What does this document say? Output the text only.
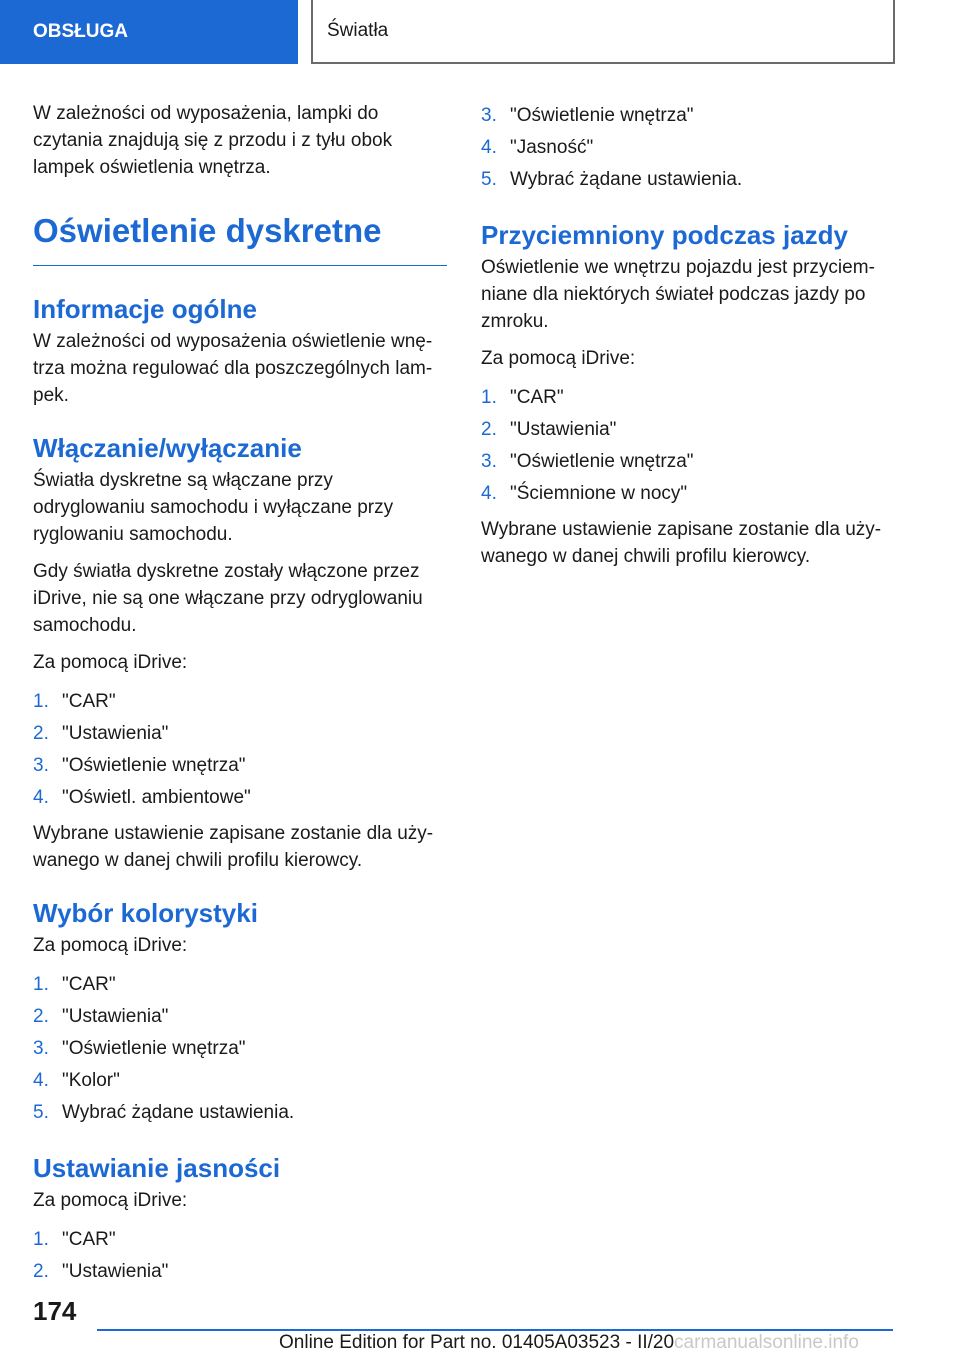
OBSŁUGA	Światła

W zależności od wyposażenia, lampki do czytania znajdują się z przodu i z tyłu obok lampek oświetlenia wnętrza.

Oświetlenie dyskretne
Informacje ogólne

W zależności od wyposażenia oświetlenie wnętrza można regulować dla poszczególnych lampek.

Włączanie/wyłączanie

Światła dyskretne są włączane przy odryglowaniu samochodu i wyłączane przy ryglowaniu samochodu.

Gdy światła dyskretne zostały włączone przez iDrive, nie są one włączane przy odryglowaniu samochodu.

Za pomocą iDrive:

1. "CAR"
2. "Ustawienia"
3. "Oświetlenie wnętrza"
4. "Oświetl. ambientowe"

Wybrane ustawienie zapisane zostanie dla używanego w danej chwili profilu kierowcy.

Wybór kolorystyki

Za pomocą iDrive:

1. "CAR"
2. "Ustawienia"
3. "Oświetlenie wnętrza"
4. "Kolor"
5. Wybrać żądane ustawienia.
Ustawianie jasności

Za pomocą iDrive:

1. "CAR"
2. "Ustawienia"
3. "Oświetlenie wnętrza"
4. "Jasność"
5. Wybrać żądane ustawienia.
Przyciemniony podczas jazdy

Oświetlenie we wnętrzu pojazdu jest przyciemniane dla niektórych świateł podczas jazdy po zmroku.

Za pomocą iDrive:

1. "CAR"
2. "Ustawienia"
3. "Oświetlenie wnętrza"
4. "Ściemnione w nocy"

Wybrane ustawienie zapisane zostanie dla używanego w danej chwili profilu kierowcy.

174
Online Edition for Part no. 01405A03523 - II/20carmanualsonline.info
